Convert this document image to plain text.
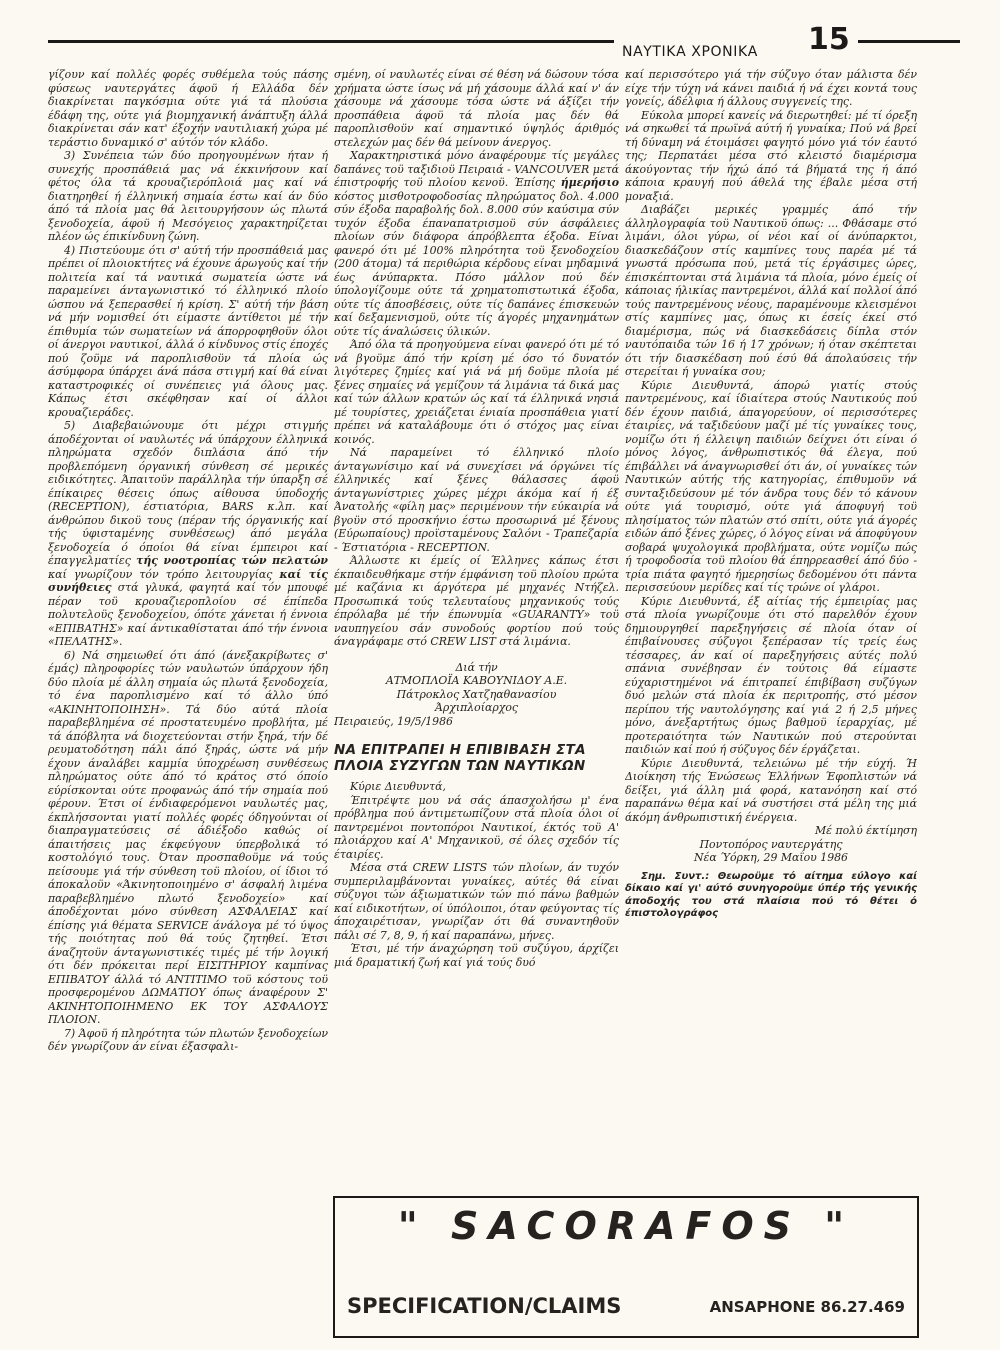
ΝΑΥΤΙΚΑ ΧΡΟΝΙΚΑ 15

γίζουν καί πολλές φορές συθέμελα τούς πάσης φύσεως ναυτεργάτες άφοϋ ή Ελλάδα δέν διακρίνεται παγκόσμια ούτε γιά τά πλούσια έδάφη της, ούτε γιά βιομηχανική άνάπτυξη άλλά διακρίνεται σάν κατ' έξοχήν ναυτιλιακή χώρα μέ τεράστιο δυναμικό σ' αύτόν τόν κλάδο.

3) Συνέπεια τών δύο προηγουμένων ήταν ή συνεχής προσπάθειά μας νά έκκινήσουν καί φέτος όλα τά κρουαζιερόπλοιά μας καί νά διατηρηθεί ή έλληνική σημαία έστω καί άν δύο άπό τά πλοία μας θά λειτουργήσουν ώς πλωτά ξενοδοχεία, άφοϋ ή Μεσόγειος χαρακτηρίζεται πλέον ώς έπικίνδυνη ζώνη.

4) Πιστεύουμε ότι σ' αύτή τήν προσπάθειά μας πρέπει οί πλοιοκτήτες νά έχουνε άρωγούς καί τήν πολιτεία καί τά ναυτικά σωματεία ώστε νά παραμείνει άνταγωνιστικό τό έλληνικό πλοίο ώσπου νά ξεπερασθεί ή κρίση. Σ' αύτή τήν βάση νά μήν νομισθεί ότι είμαστε άντίθετοι μέ τήν έπιθυμία τών σωματείων νά άπορροφηθοϋν όλοι οί άνεργοι ναυτικοί, άλλά ό κίνδυνος στίς έποχές πού ζοϋμε νά παροπλισθοϋν τά πλοία ώς άσύμφορα ύπάρχει άνά πάσα στιγμή καί θά είναι καταστροφικές οί συνέπειες γιά όλους μας. Κάπως έτσι σκέφθησαν καί οί άλλοι κρουαζιεράδες.

5) Διαβεβαιώνουμε ότι μέχρι στιγμής άποδέχονται οί ναυλωτές νά ύπάρχουν έλληνικά πληρώματα σχεδόν διπλάσια άπό τήν προβλεπόμενη όργανική σύνθεση σέ μερικές ειδικότητες. Άπαιτοϋν παράλληλα τήν ύπαρξη σέ έπίκαιρες θέσεις όπως αίθουσα ύποδοχής (RECEPTION), έστιατόρια, BARS κ.λπ. καί άνθρώπου δικοϋ τους (πέραν τής όργανικής καί τής ύφισταμένης συνθέσεως) άπό μεγάλα ξενοδοχεία ό όποίοι θά είναι έμπειροι καί έπαγγελματίες τής νοοτροπίας τών πελατών καί γνωρίζουν τόν τρόπο λειτουργίας καί τίς συνήθειες στά γλυκά, φαγητά καί τόν μπουφέ πέραν τοϋ κρουαζιεροπλοίου σέ έπίπεδα πολυτελοϋς ξενοδοχείου, όπότε χάνεται ή έννοια «ΕΠΙΒΑΤΗΣ» καί άντικαθίσταται άπό τήν έννοια «ΠΕΛΑΤΗΣ».

6) Νά σημειωθεί ότι άπό (άνεξακρίβωτες σ' έμάς) πληροφορίες τών ναυλωτών ύπάρχουν ήδη δύο πλοία μέ άλλη σημαία ώς πλωτά ξενοδοχεία, τό ένα παροπλισμένο καί τό άλλο ύπό «ΑΚΙΝΗΤΟΠΟΙΗΣΗ». Τά δύο αύτά πλοία παραβεβλημένα σέ προστατευμένο προβλήτα, μέ τά άπόβλητα νά διοχετεύονται στήν ξηρά, τήν δέ ρευματοδότηση πάλι άπό ξηράς, ώστε νά μήν έχουν άναλάβει καμμία ύποχρέωση συνθέσεως πληρώματος ούτε άπό τό κράτος στό όποίο εύρίσκονται ούτε προφανώς άπό τήν σημαία πού φέρουν. Έτσι οί ένδιαφερόμενοι ναυλωτές μας, έκπλήσσονται γιατί πολλές φορές όδηγούνται οί διαπραγματεύσεις σέ άδιέξοδο καθώς οί άπαιτήσεις μας έκφεύγουν ύπερβολικά τό κοστολόγιό τους. Όταν προσπαθοϋμε νά τούς πείσουμε γιά τήν σύνθεση τοϋ πλοίου, οί ίδιοι τό άποκαλοϋν «Άκινητοποιημένο σ' άσφαλή λιμένα παραβεβλημένο πλωτό ξενοδοχείο» καί άποδέχονται μόνο σύνθεση ΑΣΦΑΛΕΙΑΣ καί έπίσης γιά θέματα SERVICE άνάλογα μέ τό ύψος τής ποιότητας πού θά τούς ζητηθεί. Έτσι άναζητοϋν άνταγωνιστικές τιμές μέ τήν λογική ότι δέν πρόκειται περί ΕΙΣΙΤΗΡΙΟΥ καμπίνας ΕΠΙΒΑΤΟΥ άλλά τό ΑΝΤΙΤΙΜΟ τοϋ κόστους τοϋ προσφερομένου ΔΩΜΑΤΙΟΥ όπως άναφέρουν Σ' ΑΚΙΝΗΤΟΠΟΙΗΜΕΝΟ ΕΚ ΤΟΥ ΑΣΦΑΛΟΥΣ ΠΛΟΙΟΝ.

7) Άφοϋ ή πληρότητα τών πλωτών ξενοδοχείων δέν γνωρίζουν άν είναι έξασφαλι-

σμένη, οί ναυλωτές είναι σέ θέση νά δώσουν τόσα χρήματα ώστε ίσως νά μή χάσουμε άλλά καί ν' άν χάσουμε νά χάσουμε τόσα ώστε νά άξίζει τήν προσπάθεια άφοϋ τά πλοία μας δέν θά παροπλισθοϋν καί σημαντικό ύψηλός άριθμός στελεχών μας δέν θά μείνουν άνεργος.

Χαρακτηριστικά μόνο άναφέρουμε τίς μεγάλες δαπάνες τοϋ ταξιδιοϋ Πειραιά - VANCOUVER μετά έπιστροφής τοϋ πλοίου κενοϋ. Έπίσης ήμερήσιο κόστος μισθοτροφοδοσίας πληρώματος δολ. 4.000 σύν έξοδα παραβολής δολ. 8.000 σύν καύσιμα σύν τυχόν έξοδα έπαναπατρισμοϋ σύν άσφάλειες πλοίων σύν διάφορα άπρόβλεπτα έξοδα. Είναι φανερό ότι μέ 100% πληρότητα τοϋ ξενοδοχείου (200 άτομα) τά περιθώρια κέρδους είναι μηδαμινά έως άνύπαρκτα. Πόσο μάλλον πού δέν ύπολογίζουμε ούτε τά χρηματοπιστωτικά έξοδα, ούτε τίς άποσβέσεις, ούτε τίς δαπάνες έπισκευών καί δεξαμενισμοϋ, ούτε τίς άγορές μηχανημάτων ούτε τίς άναλώσεις ύλικών.

Άπό όλα τά προηγούμενα είναι φανερό ότι μέ τό νά βγοϋμε άπό τήν κρίση μέ όσο τό δυνατόν λιγότερες ζημίες καί γιά νά μή δοϋμε πλοία μέ ξένες σημαίες νά γεμίζουν τά λιμάνια τά δικά μας καί τών άλλων κρατών ώς καί τά έλληνικά νησιά μέ τουρίστες, χρειάζεται ένιαία προσπάθεια γιατί πρέπει νά καταλάβουμε ότι ό στόχος μας είναι κοινός.

Νά παραμείνει τό έλληνικό πλοίο άνταγωνίσιμο καί νά συνεχίσει νά όργώνει τίς έλληνικές καί ξένες θάλασσες άφοϋ άνταγωνίστριες χώρες μέχρι άκόμα καί ή έξ Άνατολής «φίλη μας» περιμένουν τήν εύκαιρία νά βγοϋν στό προσκήνιο έστω προσωρινά μέ ξένους (Εύρωπαίους) προϊσταμένους Σαλόνι - Τραπεζαρία - Έστιατόρια - RECEPTION.

Άλλωστε κι έμείς οί Έλληνες κάπως έτσι έκπαιδευθήκαμε στήν έμφάνιση τοϋ πλοίου πρώτα μέ καζάνια κι άργότερα μέ μηχανές Ντήζελ. Προσωπικά τούς τελευταίους μηχανικούς τούς έπρόλαβα μέ τήν έπωνυμία «GUARANTY» τοϋ ναυπηγείου σάν συνοδούς φορτίου πού τούς άναγράφαμε στό CREW LIST στά λιμάνια.

Διά τήν

ΑΤΜΟΠΛΟΪΑ ΚΑΒΟΥΝΙΔΟΥ Α.Ε.

Πάτροκλος Χατζηαθανασίου

Άρχιπλοίαρχος

Πειραιεύς, 19/5/1986

ΝΑ ΕΠΙΤΡΑΠΕΙ Η ΕΠΙΒΙΒΑΣΗ ΣΤΑ ΠΛΟΙΑ ΣΥΖΥΓΩΝ ΤΩΝ ΝΑΥΤΙΚΩΝ

Κύριε Διευθυντά,

Έπιτρέψτε μου νά σάς άπασχολήσω μ' ένα πρόβλημα πού άντιμετωπίζουν στά πλοία όλοι οί παντρεμένοι ποντοπόροι Ναυτικοί, έκτός τοϋ Α' πλοιάρχου καί Α' Μηχανικοϋ, σέ όλες σχεδόν τίς έταιρίες.

Μέσα στά CREW LISTS τών πλοίων, άν τυχόν συμπεριλαμβάνονται γυναίκες, αύτές θά είναι σύζυγοι τών άξιωματικών τών πιό πάνω βαθμών καί ειδικοτήτων, οί ύπόλοιποι, όταν φεύγοντας τίς άποχαιρέτισαν, γνωρίζαν ότι θά συναντηθοϋν πάλι σέ 7, 8, 9, ή καί παραπάνω, μήνες.

Έτσι, μέ τήν άναχώρηση τοϋ συζύγου, άρχίζει μιά δραματική ζωή καί γιά τούς δυό

καί περισσότερο γιά τήν σύζυγο όταν μάλιστα δέν είχε τήν τύχη νά κάνει παιδιά ή νά έχει κοντά τους γονείς, άδέλφια ή άλλους συγγενείς της.

Εύκολα μπορεί κανείς νά διερωτηθεί: μέ τί όρεξη νά σηκωθεί τά πρωϊνά αύτή ή γυναίκα; Πού νά βρεί τή δύναμη νά έτοιμάσει φαγητό μόνο γιά τόν έαυτό της; Περπατάει μέσα στό κλειστό διαμέρισμα άκούγοντας τήν ήχώ άπό τά βήματά της ή άπό κάποια κραυγή πού άθελά της έβαλε μέσα στή μοναξιά.

Διαβάζει μερικές γραμμές άπό τήν άλληλογραφία τοϋ Ναυτικοϋ όπως: ... Φθάσαμε στό λιμάνι, όλοι γύρω, οί νέοι καί οί άνύπαρκτοι, διασκεδάζουν στίς καμπίνες τους παρέα μέ τά γνωστά πρόσωπα πού, μετά τίς έργάσιμες ώρες, έπισκέπτονται στά λιμάνια τά πλοία, μόνο έμείς οί κάποιας ήλικίας παντρεμένοι, άλλά καί πολλοί άπό τούς παντρεμένους νέους, παραμένουμε κλεισμένοι στίς καμπίνες μας, όπως κι έσείς έκεί στό διαμέρισμα, πώς νά διασκεδάσεις δίπλα στόν ναυτόπαιδα τών 16 ή 17 χρόνων; ή όταν σκέπτεται ότι τήν διασκέδαση πού έσύ θά άπολαύσεις τήν στερείται ή γυναίκα σου;

Κύριε Διευθυντά, άπορώ γιατίς στούς παντρεμένους, καί ίδιαίτερα στούς Ναυτικούς πού δέν έχουν παιδιά, άπαγορεύουν, οί περισσότερες έταιρίες, νά ταξιδεύουν μαζί μέ τίς γυναίκες τους, νομίζω ότι ή έλλειψη παιδιών δείχνει ότι είναι ό μόνος λόγος, άνθρωπιστικός θά έλεγα, πού έπιβάλλει νά άναγνωρισθεί ότι άν, οί γυναίκες τών Ναυτικών αύτής τής κατηγορίας, έπιθυμοϋν νά συνταξιδεύσουν μέ τόν άνδρα τους δέν τό κάνουν ούτε γιά τουρισμό, ούτε γιά άποφυγή τοϋ πλησίματος τών πλατών στό σπίτι, ούτε γιά άγορές ειδών άπό ξένες χώρες, ό λόγος είναι νά άποφύγουν σοβαρά ψυχολογικά προβλήματα, ούτε νομίζω πώς ή τροφοδοσία τοϋ πλοίου θά έπηρρεασθεί άπό δύο - τρία πιάτα φαγητό ήμερησίως δεδομένου ότι πάντα περισσεύουν μερίδες καί τίς τρώνε οί γλάροι.

Κύριε Διευθυντά, έξ αίτίας τής έμπειρίας μας στά πλοία γνωρίζουμε ότι στό παρελθόν έχουν δημιουργηθεί παρεξηγήσεις σέ πλοία όταν οί έπιβαίνουσες σύζυγοι ξεπέρασαν τίς τρείς έως τέσσαρες, άν καί οί παρεξηγήσεις αύτές πολύ σπάνια συνέβησαν έν τούτοις θά είμαστε εύχαριστημένοι νά έπιτραπεί έπιβίβαση συζύγων δυό μελών στά πλοία έκ περιτροπής, στό μέσον περίπου τής ναυτολόγησης καί γιά 2 ή 2,5 μήνες μόνο, άνεξαρτήτως όμως βαθμοϋ ίεραρχίας, μέ προτεραιότητα τών Ναυτικών πού στερούνται παιδιών καί πού ή σύζυγος δέν έργάζεται.

Κύριε Διευθυντά, τελειώνω μέ τήν εύχή. Ή Διοίκηση τής Ένώσεως Έλλήνων Έφοπλιστών νά δείξει, γιά άλλη μιά φορά, κατανόηση καί στό παραπάνω θέμα καί νά συστήσει στά μέλη της μιά άκόμη άνθρωπιστική ένέργεια.

Μέ πολύ έκτίμηση

Ποντοπόρος ναυτεργάτης

Νέα Ύόρκη, 29 Μαΐου 1986

Σημ. Συντ.: Θεωροϋμε τό αίτημα εύλογο καί δίκαιο καί γι' αύτό συνηγοροϋμε ύπέρ τής γενικής άποδοχής του στά πλαίσια πού τό θέτει ό έπιστολογράφος

" SACORAFOS "
SPECIFICATION/CLAIMS	ANSAPHONE 86.27.469
